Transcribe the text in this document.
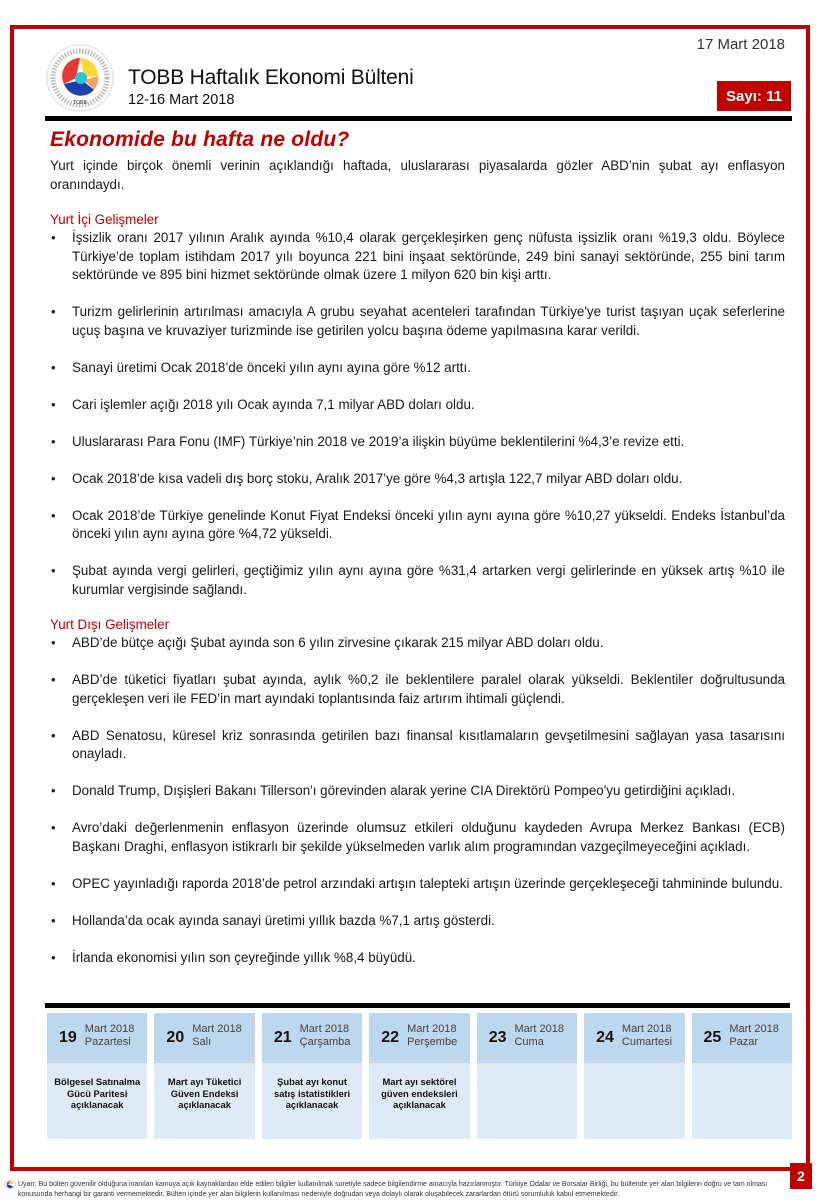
TOBB
17 Mart 2018
TOBB Haftalık Ekonomi Bülteni
12-16 Mart 2018	Sayı: 11
Ekonomide bu hafta ne oldu?

Yurt içinde birçok önemli verinin açıklandığı haftada, uluslararası piyasalarda gözler ABD’nin şubat ayı enflasyon oranındaydı.

Yurt İçi Gelişmeler
• İşsizlik oranı 2017 yılının Aralık ayında %10,4 olarak gerçekleşirken genç nüfusta işsizlik oranı %19,3 oldu. Böylece Türkiye’de toplam istihdam 2017 yılı boyunca 221 bini inşaat sektöründe, 249 bini sanayi sektöründe, 255 bini tarım sektöründe ve 895 bini hizmet sektöründe olmak üzere 1 milyon 620 bin kişi arttı.
• Turizm gelirlerinin artırılması amacıyla A grubu seyahat acenteleri tarafından Türkiye'ye turist taşıyan uçak seferlerine uçuş başına ve kruvaziyer turizminde ise getirilen yolcu başına ödeme yapılmasına karar verildi.
• Sanayi üretimi Ocak 2018’de önceki yılın aynı ayına göre %12 arttı.
• Cari işlemler açığı 2018 yılı Ocak ayında 7,1 milyar ABD doları oldu.
• Uluslararası Para Fonu (IMF) Türkiye’nin 2018 ve 2019’a ilişkin büyüme beklentilerini %4,3’e revize etti.
• Ocak 2018’de kısa vadeli dış borç stoku, Aralık 2017’ye göre %4,3 artışla 122,7 milyar ABD doları oldu.
• Ocak 2018’de Türkiye genelinde Konut Fiyat Endeksi önceki yılın aynı ayına göre %10,27 yükseldi. Endeks İstanbul’da önceki yılın aynı ayına göre %4,72 yükseldi.
• Şubat ayında vergi gelirleri, geçtiğimiz yılın aynı ayına göre %31,4 artarken vergi gelirlerinde en yüksek artış %10 ile kurumlar vergisinde sağlandı.
Yurt Dışı Gelişmeler
• ABD’de bütçe açığı Şubat ayında son 6 yılın zirvesine çıkarak 215 milyar ABD doları oldu.
• ABD’de tüketici fiyatları şubat ayında, aylık %0,2 ile beklentilere paralel olarak yükseldi. Beklentiler doğrultusunda gerçekleşen veri ile FED’in mart ayındaki toplantısında faiz artırım ihtimali güçlendi.
• ABD Senatosu, küresel kriz sonrasında getirilen bazı finansal kısıtlamaların gevşetilmesini sağlayan yasa tasarısını onayladı.
• Donald Trump, Dışişleri Bakanı Tillerson'ı görevinden alarak yerine CIA Direktörü Pompeo'yu getirdiğini açıkladı.
• Avro’daki değerlenmenin enflasyon üzerinde olumsuz etkileri olduğunu kaydeden Avrupa Merkez Bankası (ECB) Başkanı Draghi, enflasyon istikrarlı bir şekilde yükselmeden varlık alım programından vazgeçilmeyeceğini açıkladı.
• OPEC yayınladığı raporda 2018’de petrol arzındaki artışın talepteki artışın üzerinde gerçekleşeceği tahmininde bulundu.
• Hollanda’da ocak ayında sanayi üretimi yıllık bazda %7,1 artış gösterdi.
• İrlanda ekonomisi yılın son çeyreğinde yıllık %8,4 büyüdü.
19 Mart 2018
Pazartesi
Bölgesel Satınalma Gücü Paritesi açıklanacak
20 Mart 2018
Salı
Mart ayı Tüketici Güven Endeksi açıklanacak
21 Mart 2018
Çarşamba
Şubat ayı konut satış istatistikleri açıklanacak
22 Mart 2018
Perşembe
Mart ayı sektörel güven endeksleri açıklanacak
23 Mart 2018
Cuma	24 Mart 2018
Cumartesi 25 Mart 2018
Pazar
2
Uyarı: Bu bülten güvenilir olduğuna inanılan kamuya açık kaynaklardan elde edilen bilgiler kullanılmak suretiyle sadece bilgilendirme amacıyla hazırlanmıştır. Türkiye Odalar ve Borsalar Birliği, bu bültende yer alan bilgilerin doğru ve tam olması konusunda herhangi bir garanti vermemektedir. Bülten içinde yer alan bilgilerin kullanılması nedeniyle doğrudan veya dolaylı olarak oluşabilecek zararlardan ötürü sorumluluk kabul etmemektedir.
